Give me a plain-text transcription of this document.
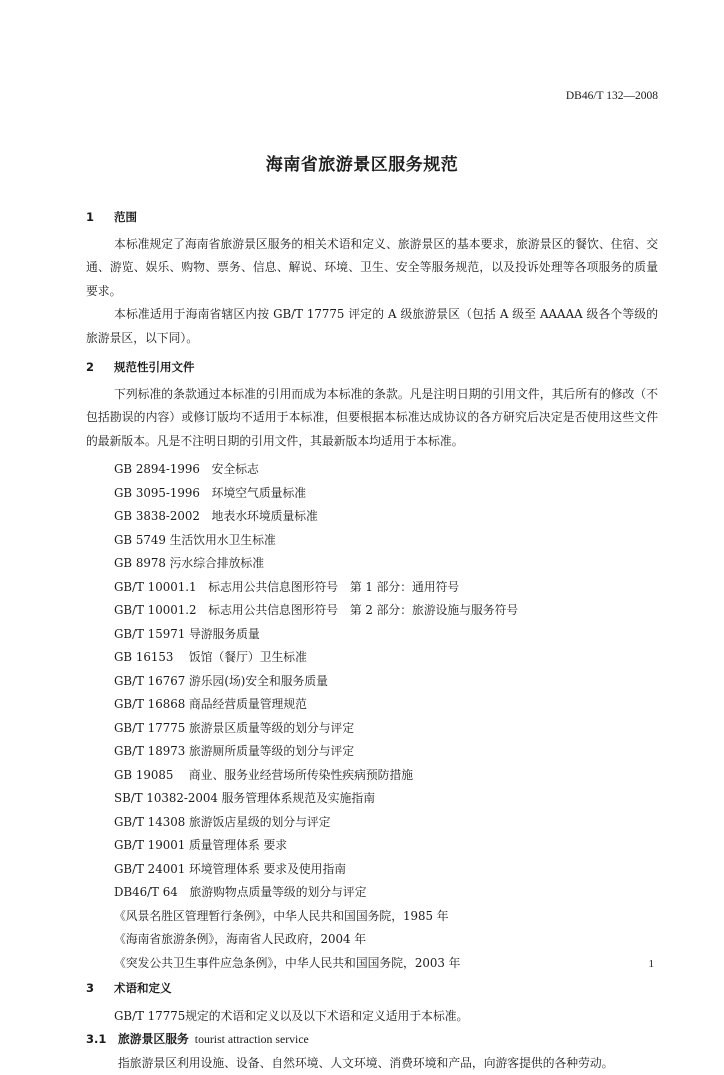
DB46/T 132—2008
海南省旅游景区服务规范
1 范围
本标准规定了海南省旅游景区服务的相关术语和定义、旅游景区的基本要求，旅游景区的餐饮、住宿、交通、游览、娱乐、购物、票务、信息、解说、环境、卫生、安全等服务规范，以及投诉处理等各项服务的质量要求。
本标准适用于海南省辖区内按 GB/T 17775 评定的 A 级旅游景区（包括 A 级至 AAAAA 级各个等级的旅游景区，以下同）。
2 规范性引用文件
下列标准的条款通过本标准的引用而成为本标准的条款。凡是注明日期的引用文件，其后所有的修改（不包括勘误的内容）或修订版均不适用于本标准，但要根据本标准达成协议的各方研究后决定是否使用这些文件的最新版本。凡是不注明日期的引用文件，其最新版本均适用于本标准。
GB 2894-1996　安全标志
GB 3095-1996　环境空气质量标准
GB 3838-2002　地表水环境质量标准
GB 5749 生活饮用水卫生标准
GB 8978 污水综合排放标准
GB/T 10001.1　标志用公共信息图形符号　第 1 部分：通用符号
GB/T 10001.2　标志用公共信息图形符号　第 2 部分：旅游设施与服务符号
GB/T 15971 导游服务质量
GB 16153　 饭馆（餐厅）卫生标准
GB/T 16767 游乐园(场)安全和服务质量
GB/T 16868 商品经营质量管理规范
GB/T 17775 旅游景区质量等级的划分与评定
GB/T 18973 旅游厕所质量等级的划分与评定
GB 19085　 商业、服务业经营场所传染性疾病预防措施
SB/T 10382-2004 服务管理体系规范及实施指南
GB/T 14308 旅游饭店星级的划分与评定
GB/T 19001 质量管理体系 要求
GB/T 24001 环境管理体系 要求及使用指南
DB46/T 64　旅游购物点质量等级的划分与评定
《风景名胜区管理暂行条例》，中华人民共和国国务院，1985 年
《海南省旅游条例》，海南省人民政府，2004 年
《突发公共卫生事件应急条例》，中华人民共和国国务院，2003 年
3 术语和定义
GB/T 17775规定的术语和定义以及以下术语和定义适用于本标准。
3.1 旅游景区服务 tourist attraction service
指旅游景区利用设施、设备、自然环境、人文环境、消费环境和产品，向游客提供的各种劳动。
1
